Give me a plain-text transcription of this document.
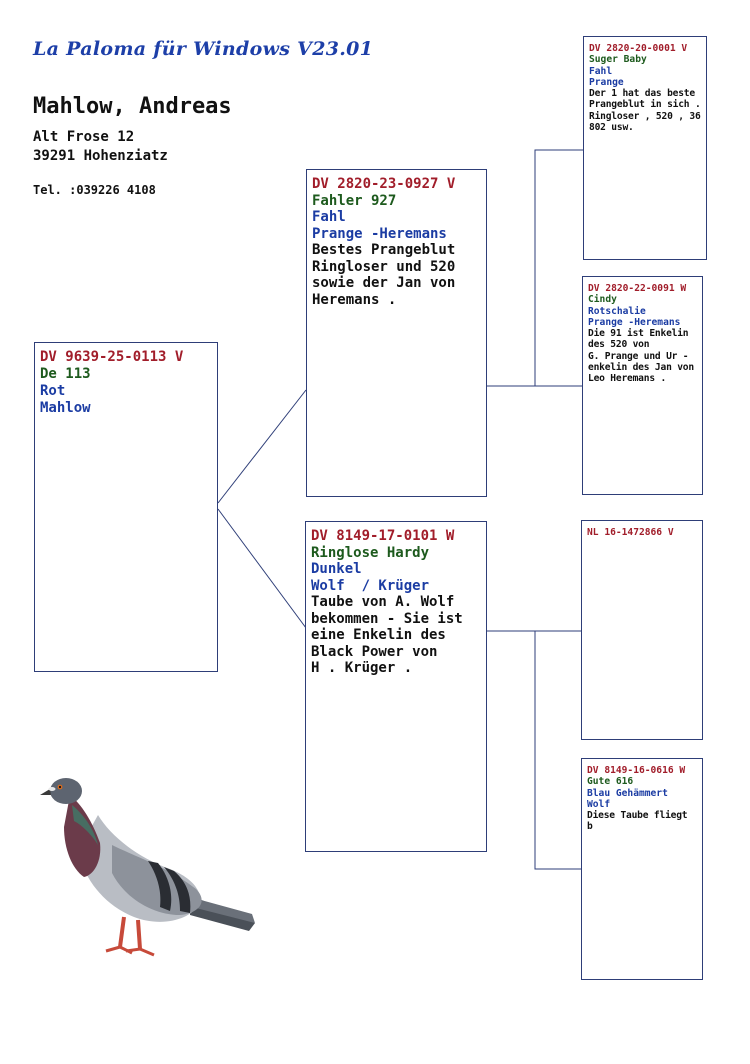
La Paloma für Windows V23.01
Mahlow, Andreas
Alt Frose 12
39291 Hohenziatz
Tel. :039226 4108
DV 9639-25-0113 V
De 113
Rot
Mahlow
DV 2820-23-0927 V
Fahler 927
Fahl
Prange -Heremans
Bestes Prangeblut
Ringloser und 520
sowie der Jan von
Heremans .
DV 8149-17-0101 W
Ringlose Hardy
Dunkel
Wolf  / Krüger
Taube von A. Wolf
bekommen - Sie ist
eine Enkelin des
Black Power von
H . Krüger .
DV 2820-20-0001 V
Suger Baby
Fahl
Prange
Der 1 hat das beste
Prangeblut in sich .
Ringloser , 520 , 36
802 usw.
DV 2820-22-0091 W
Cindy
Rotschalie
Prange -Heremans
Die 91 ist Enkelin
des 520 von
G. Prange und Ur -
enkelin des Jan von
Leo Heremans .
NL 16-1472866 V
DV 8149-16-0616 W
Gute 616
Blau Gehämmert
Wolf
Diese Taube fliegt b
